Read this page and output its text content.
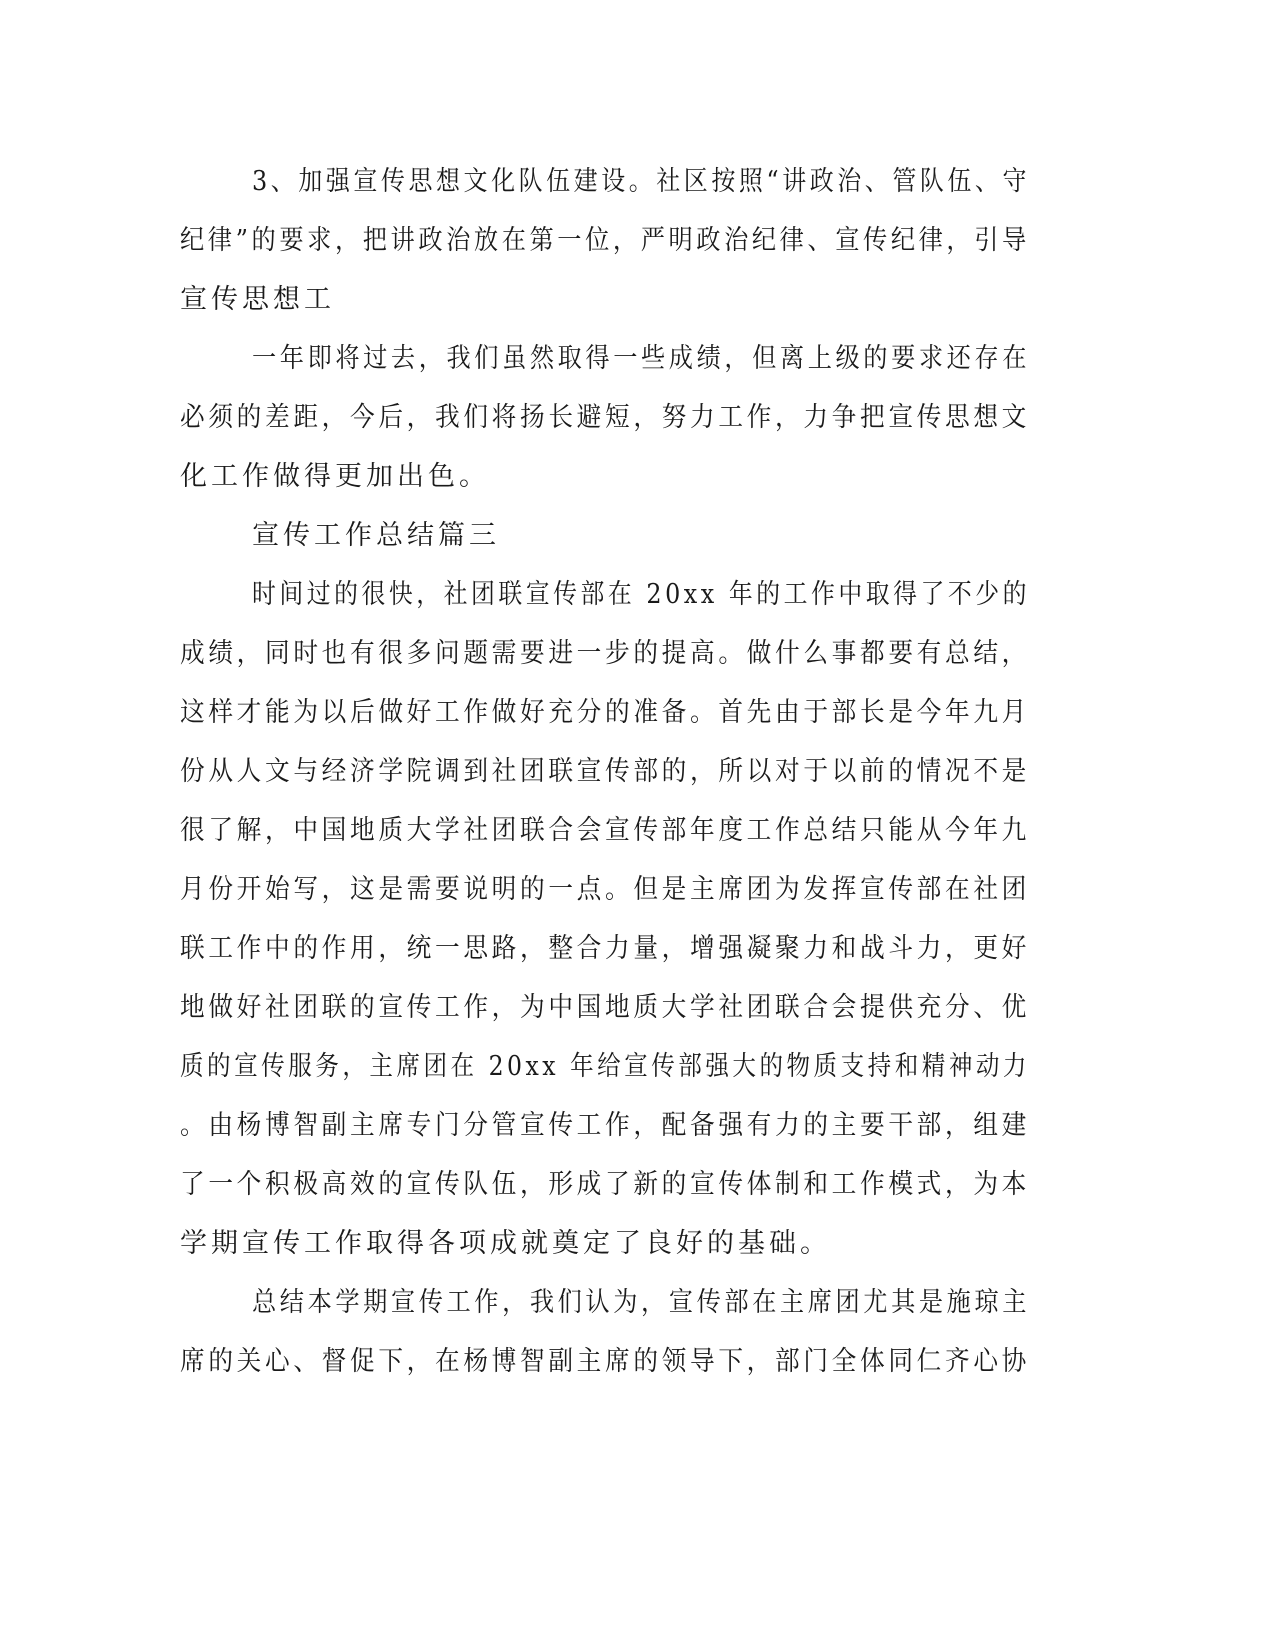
3、加强宣传思想文化队伍建设。社区按照“讲政治、管队伍、守
纪律”的要求，把讲政治放在第一位，严明政治纪律、宣传纪律，引导
宣传思想工
一年即将过去，我们虽然取得一些成绩，但离上级的要求还存在
必须的差距，今后，我们将扬长避短，努力工作，力争把宣传思想文
化工作做得更加出色。
宣传工作总结篇三
时间过的很快，社团联宣传部在 20xx 年的工作中取得了不少的
成绩，同时也有很多问题需要进一步的提高。做什么事都要有总结，
这样才能为以后做好工作做好充分的准备。首先由于部长是今年九月
份从人文与经济学院调到社团联宣传部的，所以对于以前的情况不是
很了解，中国地质大学社团联合会宣传部年度工作总结只能从今年九
月份开始写，这是需要说明的一点。但是主席团为发挥宣传部在社团
联工作中的作用，统一思路，整合力量，增强凝聚力和战斗力，更好
地做好社团联的宣传工作，为中国地质大学社团联合会提供充分、优
质的宣传服务，主席团在 20xx 年给宣传部强大的物质支持和精神动力
。由杨博智副主席专门分管宣传工作，配备强有力的主要干部，组建
了一个积极高效的宣传队伍，形成了新的宣传体制和工作模式，为本
学期宣传工作取得各项成就奠定了良好的基础。
总结本学期宣传工作，我们认为，宣传部在主席团尤其是施琼主
席的关心、督促下，在杨博智副主席的领导下，部门全体同仁齐心协
